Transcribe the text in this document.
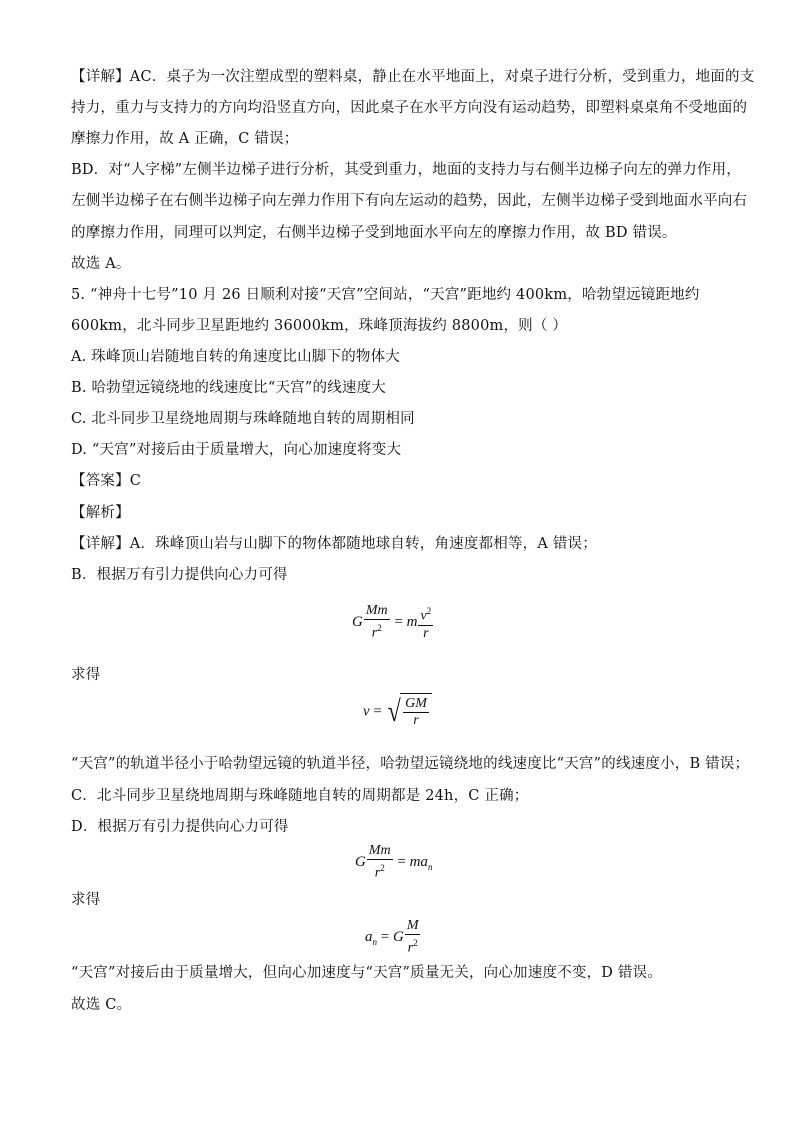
【详解】AC．桌子为一次注塑成型的塑料桌，静止在水平地面上，对桌子进行分析，受到重力，地面的支
持力，重力与支持力的方向均沿竖直方向，因此桌子在水平方向没有运动趋势，即塑料桌桌角不受地面的
摩擦力作用，故 A 正确，C 错误；
BD．对“人字梯”左侧半边梯子进行分析，其受到重力，地面的支持力与右侧半边梯子向左的弹力作用，
左侧半边梯子在右侧半边梯子向左弹力作用下有向左运动的趋势，因此，左侧半边梯子受到地面水平向右
的摩擦力作用，同理可以判定，右侧半边梯子受到地面水平向左的摩擦力作用，故 BD 错误。
故选 A。
5. “神舟十七号”10 月 26 日顺利对接“天宫”空间站，“天宫”距地约 400km，哈勃望远镜距地约
600km，北斗同步卫星距地约 36000km，珠峰顶海拔约 8800m，则（ ）
A. 珠峰顶山岩随地自转的角速度比山脚下的物体大
B. 哈勃望远镜绕地的线速度比“天宫”的线速度大
C. 北斗同步卫星绕地周期与珠峰随地自转的周期相同
D. “天宫”对接后由于质量增大，向心加速度将变大
【答案】C
【解析】
【详解】A．珠峰顶山岩与山脚下的物体都随地球自转，角速度都相等，A 错误；
B．根据万有引力提供向心力可得
G $\frac{Mm}{r^2} = m \frac{v^2}{r}$
求得
v = √ $\frac{GM}{r}$
“天宫”的轨道半径小于哈勃望远镜的轨道半径，哈勃望远镜绕地的线速度比“天宫”的线速度小，B 错误；
C．北斗同步卫星绕地周期与珠峰随地自转的周期都是 24h，C 正确；
D．根据万有引力提供向心力可得
G $\frac{Mm}{r^2} = ma_n$
求得
$a_n = G \frac{M}{r^2}$
“天宫”对接后由于质量增大，但向心加速度与“天宫”质量无关，向心加速度不变，D 错误。
故选 C。
